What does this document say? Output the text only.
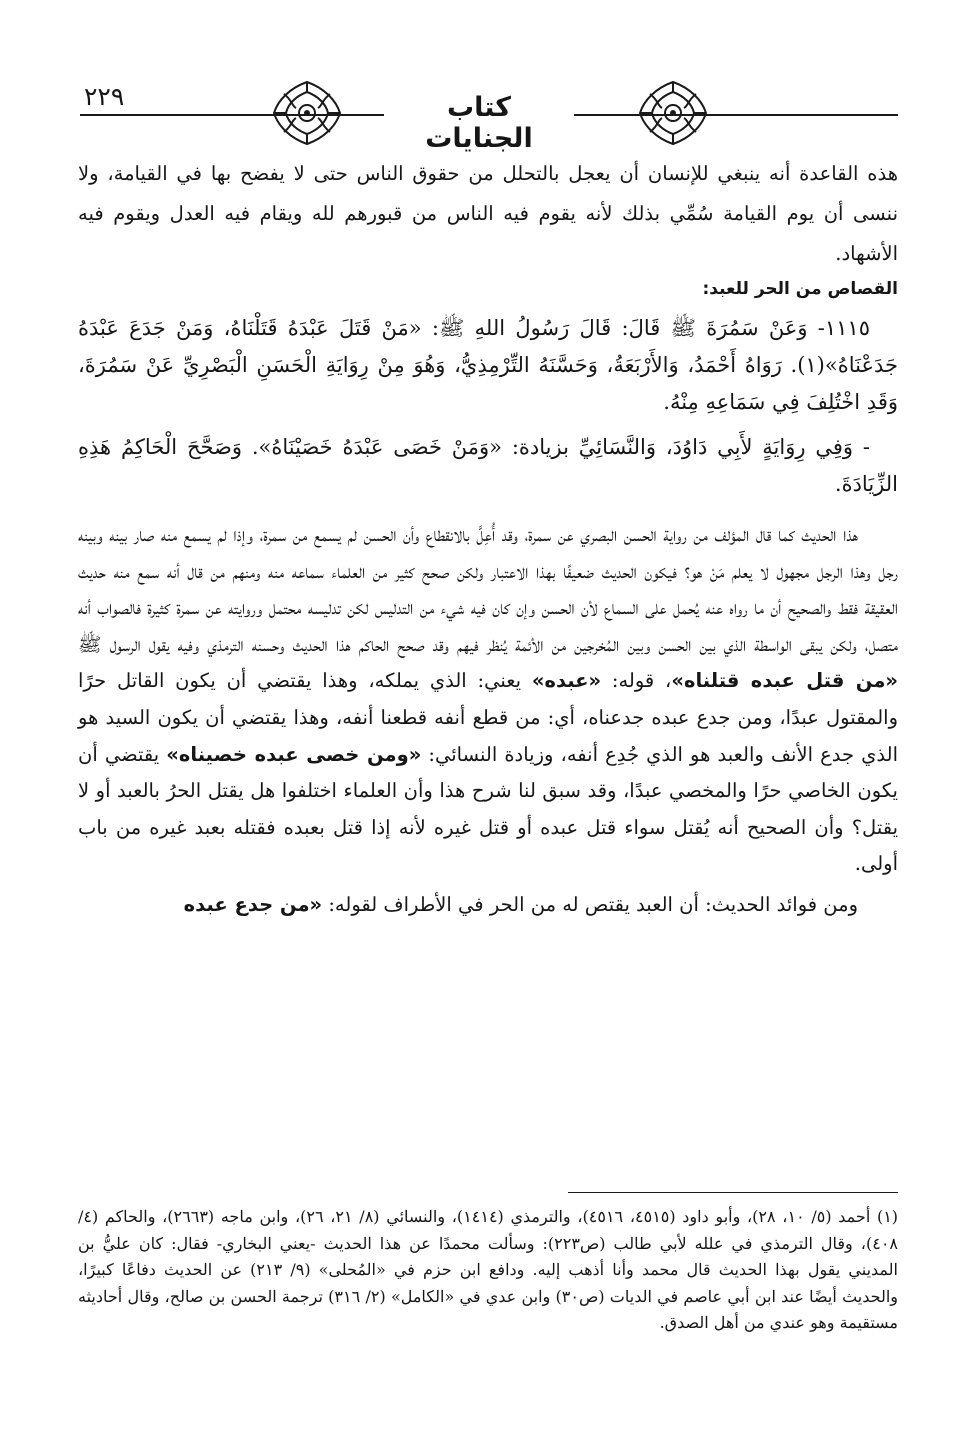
٢٢٩	كتاب الجنايات

هذه القاعدة أنه ينبغي للإنسان أن يعجل بالتحلل من حقوق الناس حتى لا يفضح بها في القيامة، ولا ننسى أن يوم القيامة سُمِّي بذلك لأنه يقوم فيه الناس من قبورهم لله ويقام فيه العدل ويقوم فيه الأشهاد.

القصاص من الحر للعبد:

١١١٥- وَعَنْ سَمُرَةَ ﷺ قَالَ: قَالَ رَسُولُ اللهِ ﷺ: «مَنْ قَتَلَ عَبْدَهُ قَتَلْنَاهُ، وَمَنْ جَدَعَ عَبْدَهُ جَدَعْنَاهُ»(١). رَوَاهُ أَحْمَدُ، وَالأَرْبَعَةُ، وَحَسَّنَهُ التِّرْمِذِيُّ، وَهُوَ مِنْ رِوَايَةِ الْحَسَنِ الْبَصْرِيِّ عَنْ سَمُرَةَ، وَقَدِ اخْتُلِفَ فِي سَمَاعِهِ مِنْهُ.

- وَفِي رِوَايَةٍ لأَبِي دَاوُدَ، وَالنَّسَائِيِّ بزيادة: «وَمَنْ خَصَى عَبْدَهُ خَصَيْنَاهُ». وَصَحَّحَ الْحَاكِمُ هَذِهِ الزِّيَادَةَ.

هذا الحديث كما قال المؤلف من رواية الحسن البصري عن سمرة، وقد أُعِلَّ بالانقطاع وأن الحسن لم يسمع من سمرة، وإذا لم يسمع منه صار بينه وبينه رجل وهذا الرجل مجهول لا يعلم مَنْ هو؟ فيكون الحديث ضعيفًا بهذا الاعتبار ولكن صحح كثير من العلماء سماعه منه ومنهم من قال أنه سمع منه حديث العقيقة فقط والصحيح أن ما رواه عنه يُحمل على السماع لأن الحسن وإن كان فيه شيء من التدليس لكن تدليسه محتمل وروايته عن سمرة كثيرة فالصواب أنه متصل، ولكن يبقى الواسطة الذي بين الحسن وبين المُخرجين من الأئمة يُنظر فيهم وقد صحح الحاكم هذا الحديث وحسنه الترمذي وفيه يقول الرسول ﷺ «من قتل عبده قتلناه»، قوله: «عبده» يعني: الذي يملكه، وهذا يقتضي أن يكون القاتل حرًا والمقتول عبدًا، ومن جدع عبده جدعناه، أي: من قطع أنفه قطعنا أنفه، وهذا يقتضي أن يكون السيد هو الذي جدع الأنف والعبد هو الذي جُدِع أنفه، وزيادة النسائي: «ومن خصى عبده خصيناه» يقتضي أن يكون الخاصي حرًا والمخصي عبدًا، وقد سبق لنا شرح هذا وأن العلماء اختلفوا هل يقتل الحرُ بالعبد أو لا يقتل؟ وأن الصحيح أنه يُقتل سواء قتل عبده أو قتل غيره لأنه إذا قتل بعبده فقتله بعبد غيره من باب أولى.

ومن فوائد الحديث: أن العبد يقتص له من الحر في الأطراف لقوله: «من جدع عبده

(١) أحمد (٥/ ١٠، ٢٨)، وأبو داود (٤٥١٥، ٤٥١٦)، والترمذي (١٤١٤)، والنسائي (٨/ ٢١، ٢٦)، وابن ماجه (٢٦٦٣)، والحاكم (٤/ ٤٠٨)، وقال الترمذي في علله لأبي طالب (ص٢٢٣): وسألت محمدًا عن هذا الحديث -يعني البخاري- فقال: كان عليُّ بن المديني يقول بهذا الحديث قال محمد وأنا أذهب إليه. ودافع ابن حزم في «المُحلى» (٩/ ٢١٣) عن الحديث دفاعًا كبيرًا، والحديث أيضًا عند ابن أبي عاصم في الديات (ص٣٠) وابن عدي في «الكامل» (٢/ ٣١٦) ترجمة الحسن بن صالح، وقال أحاديثه مستقيمة وهو عندي من أهل الصدق.
